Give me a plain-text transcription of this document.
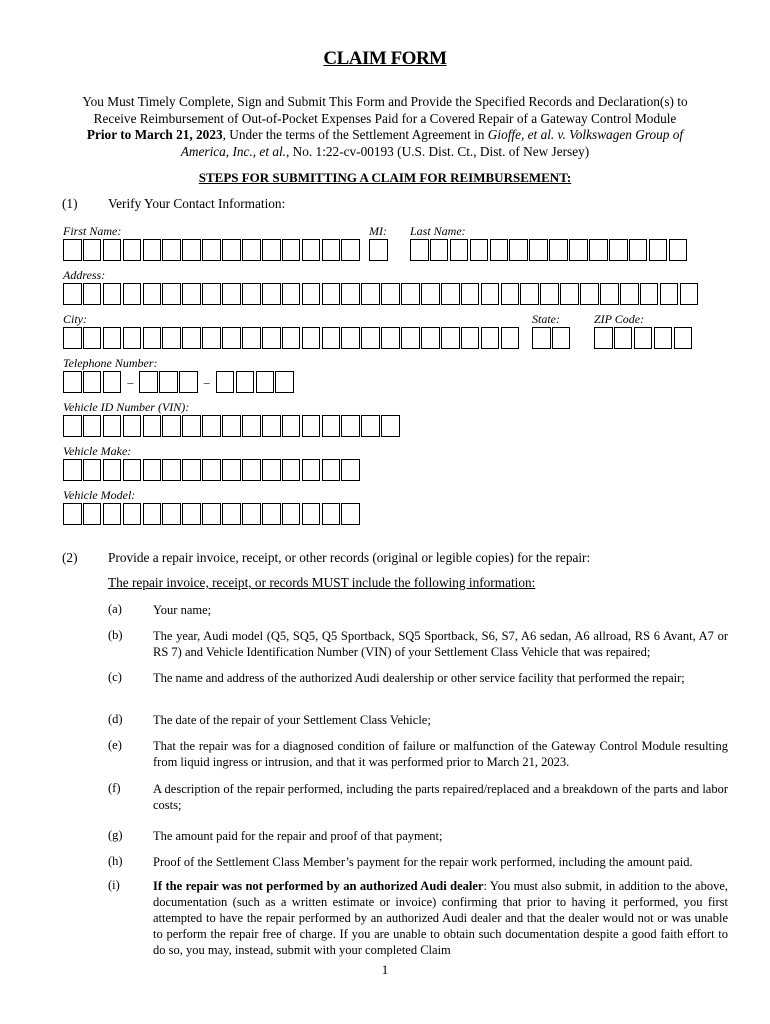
CLAIM FORM
You Must Timely Complete, Sign and Submit This Form and Provide the Specified Records and Declaration(s) to
Receive Reimbursement of Out-of-Pocket Expenses Paid for a Covered Repair of a Gateway Control Module
Prior to March 21, 2023, Under the terms of the Settlement Agreement in Gioffe, et al. v. Volkswagen Group of
America, Inc., et al., No. 1:22-cv-00193 (U.S. Dist. Ct., Dist. of New Jersey)
STEPS FOR SUBMITTING A CLAIM FOR REIMBURSEMENT:
(1) Verify Your Contact Information:
First Name:	MI: Last Name:
Address:
City:	State:	ZIP Code:
Telephone Number:
–	–
Vehicle ID Number (VIN):
Vehicle Make:
Vehicle Model:
(2) Provide a repair invoice, receipt, or other records (original or legible copies) for the repair:
The repair invoice, receipt, or records MUST include the following information:
(a) Your name;
(b) The year, Audi model (Q5, SQ5, Q5 Sportback, SQ5 Sportback, S6, S7, A6 sedan, A6 allroad, RS 6 Avant, A7 or RS 7) and Vehicle Identification Number (VIN) of your Settlement Class Vehicle that was repaired;
(c) The name and address of the authorized Audi dealership or other service facility that performed the repair;
(d) The date of the repair of your Settlement Class Vehicle;
(e) That the repair was for a diagnosed condition of failure or malfunction of the Gateway Control Module resulting from liquid ingress or intrusion, and that it was performed prior to March 21, 2023.
(f)	A description of the repair performed, including the parts repaired/replaced and a breakdown of the parts and labor costs;
(g) The amount paid for the repair and proof of that payment;
(h) Proof of the Settlement Class Member’s payment for the repair work performed, including the amount paid.
(i)	If the repair was not performed by an authorized Audi dealer: You must also submit, in addition to the above, documentation (such as a written estimate or invoice) confirming that prior to having it performed, you first attempted to have the repair performed by an authorized Audi dealer and that the dealer would not or was unable to perform the repair free of charge. If you are unable to obtain such documentation despite a good faith effort to do so, you may, instead, submit with your completed Claim
1
